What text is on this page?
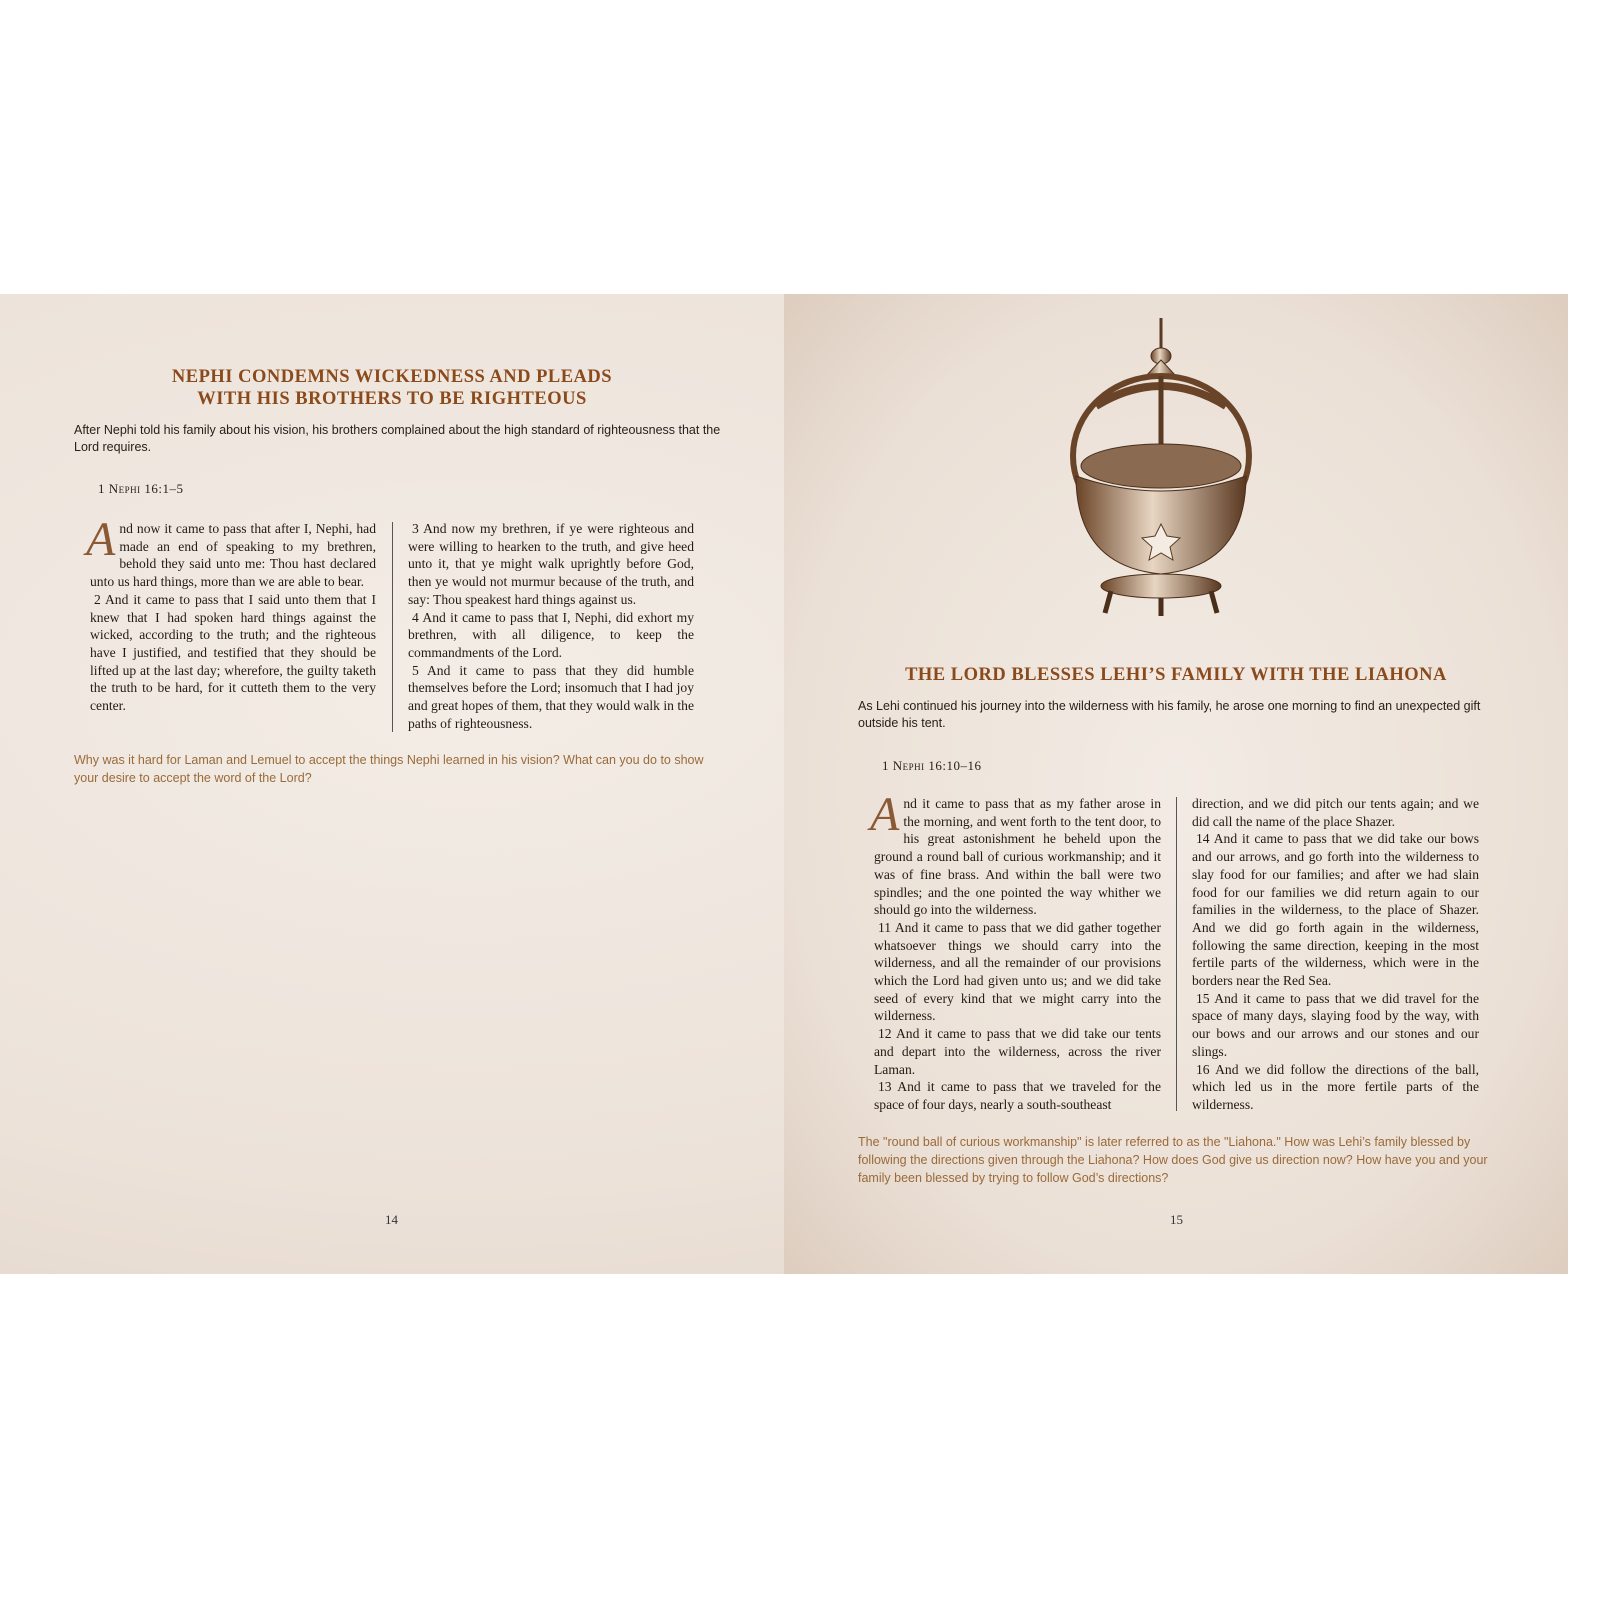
NEPHI CONDEMNS WICKEDNESS AND PLEADS
WITH HIS BROTHERS TO BE RIGHTEOUS
After Nephi told his family about his vision, his brothers complained about the high standard of righteousness that the Lord requires.
1 Nephi 16:1–5

And now it came to pass that after I, Nephi, had made an end of speaking to my brethren, behold they said unto me: Thou hast declared unto us hard things, more than we are able to bear.

2 And it came to pass that I said unto them that I knew that I had spoken hard things against the wicked, according to the truth; and the righteous have I justified, and testified that they should be lifted up at the last day; wherefore, the guilty taketh the truth to be hard, for it cutteth them to the very center.

3 And now my brethren, if ye were righteous and were willing to hearken to the truth, and give heed unto it, that ye might walk uprightly before God, then ye would not murmur because of the truth, and say: Thou speakest hard things against us.

4 And it came to pass that I, Nephi, did exhort my brethren, with all diligence, to keep the commandments of the Lord.

5 And it came to pass that they did humble themselves before the Lord; insomuch that I had joy and great hopes of them, that they would walk in the paths of righteousness.

Why was it hard for Laman and Lemuel to accept the things Nephi learned in his vision? What can you do to show your desire to accept the word of the Lord?
14
THE LORD BLESSES LEHI’S FAMILY WITH THE LIAHONA
As Lehi continued his journey into the wilderness with his family, he arose one morning to find an unexpected gift outside his tent.
1 Nephi 16:10–16

And it came to pass that as my father arose in the morning, and went forth to the tent door, to his great astonishment he beheld upon the ground a round ball of curious workmanship; and it was of fine brass. And within the ball were two spindles; and the one pointed the way whither we should go into the wilderness.

11 And it came to pass that we did gather together whatsoever things we should carry into the wilderness, and all the remainder of our provisions which the Lord had given unto us; and we did take seed of every kind that we might carry into the wilderness.

12 And it came to pass that we did take our tents and depart into the wilderness, across the river Laman.

13 And it came to pass that we traveled for the space of four days, nearly a south-southeast

direction, and we did pitch our tents again; and we did call the name of the place Shazer.

14 And it came to pass that we did take our bows and our arrows, and go forth into the wilderness to slay food for our families; and after we had slain food for our families we did return again to our families in the wilderness, to the place of Shazer. And we did go forth again in the wilderness, following the same direction, keeping in the most fertile parts of the wilderness, which were in the borders near the Red Sea.

15 And it came to pass that we did travel for the space of many days, slaying food by the way, with our bows and our arrows and our stones and our slings.

16 And we did follow the directions of the ball, which led us in the more fertile parts of the wilderness.

The "round ball of curious workmanship" is later referred to as the "Liahona." How was Lehi’s family blessed by following the directions given through the Liahona? How does God give us direction now? How have you and your family been blessed by trying to follow God’s directions?
15
